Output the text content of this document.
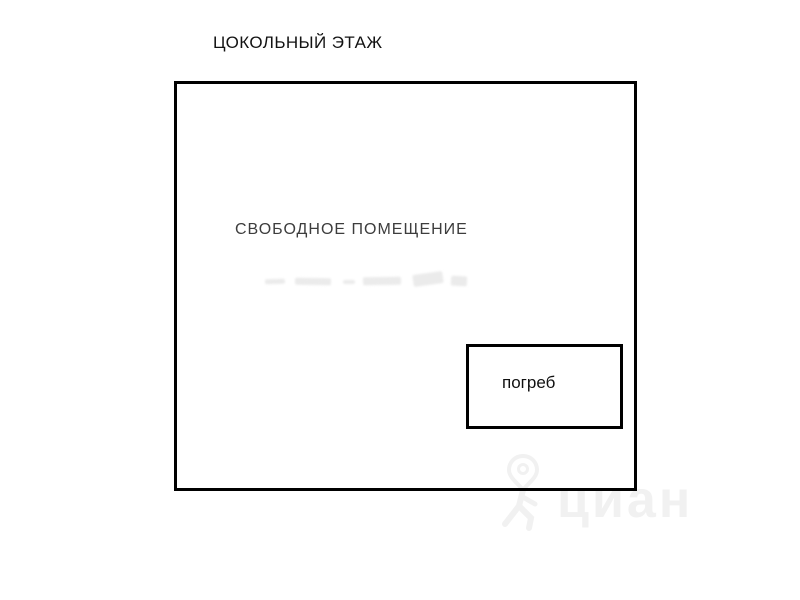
ЦОКОЛЬНЫЙ ЭТАЖ
циан
СВОБОДНОЕ ПОМЕЩЕНИЕ
погреб
